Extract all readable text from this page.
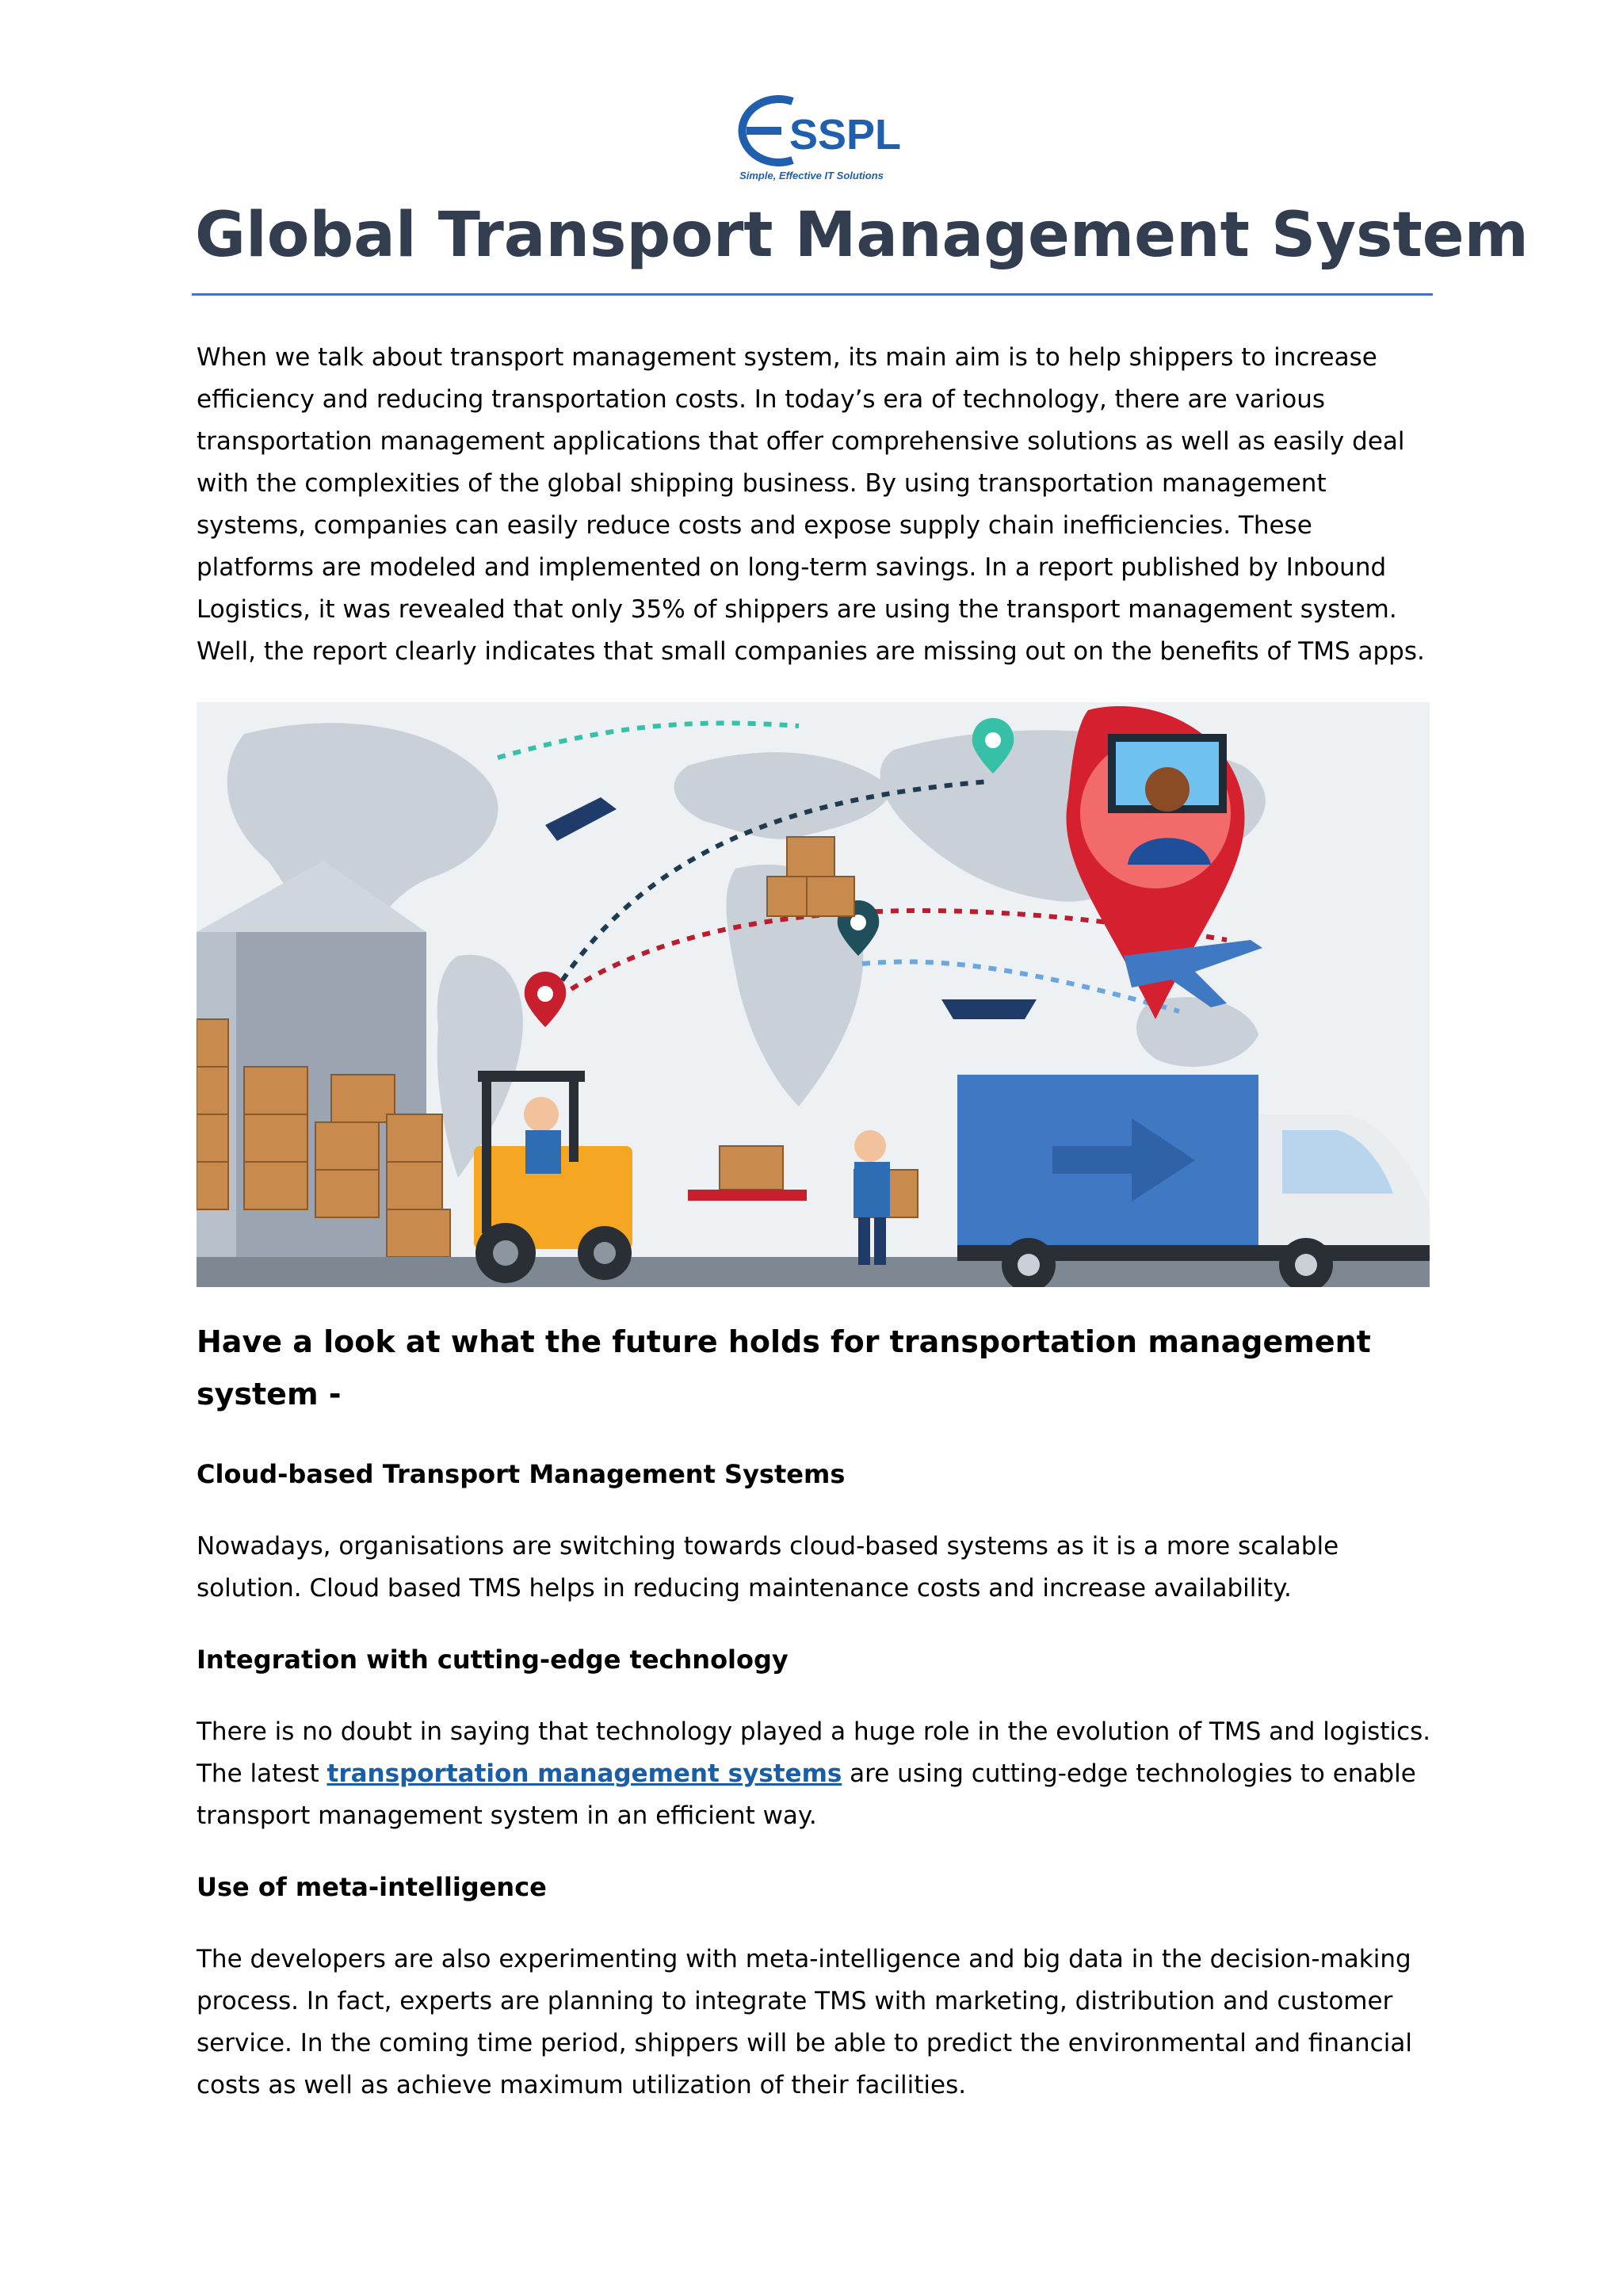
SSPL
Simple, Effective IT Solutions
Global Transport Management System

When we talk about transport management system, its main aim is to help shippers to increase efficiency and reducing transportation costs. In today’s era of technology, there are various transportation management applications that offer comprehensive solutions as well as easily deal with the complexities of the global shipping business. By using transportation management systems, companies can easily reduce costs and expose supply chain inefficiencies. These platforms are modeled and implemented on long-term savings. In a report published by Inbound Logistics, it was revealed that only 35% of shippers are using the transport management system. Well, the report clearly indicates that small companies are missing out on the benefits of TMS apps.

Have a look at what the future holds for transportation management system -
Cloud-based Transport Management Systems

Nowadays, organisations are switching towards cloud-based systems as it is a more scalable solution. Cloud based TMS helps in reducing maintenance costs and increase availability.

Integration with cutting-edge technology

There is no doubt in saying that technology played a huge role in the evolution of TMS and logistics. The latest transportation management systems are using cutting-edge technologies to enable transport management system in an efficient way.

Use of meta-intelligence

The developers are also experimenting with meta-intelligence and big data in the decision-making process. In fact, experts are planning to integrate TMS with marketing, distribution and customer service. In the coming time period, shippers will be able to predict the environmental and financial costs as well as achieve maximum utilization of their facilities.
